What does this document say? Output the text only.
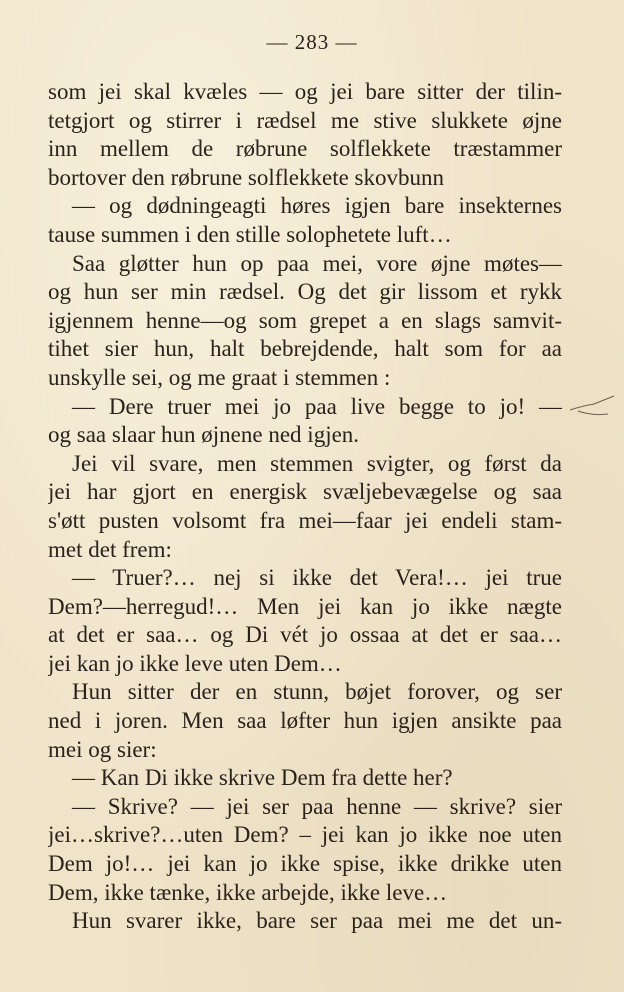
— 283 —
som jei skal kvæles — og jei bare sitter der tilin-
tetgjort og stirrer i rædsel me stive slukkete øjne
inn mellem de røbrune solflekkete træstammer
bortover den røbrune solflekkete skovbunn
— og dødningeagti høres igjen bare insekternes
tause summen i den stille solophetete luft…
Saa gløtter hun op paa mei, vore øjne møtes—
og hun ser min rædsel. Og det gir lissom et rykk
igjennem henne—og som grepet a en slags samvit-
tihet sier hun, halt bebrejdende, halt som for aa
unskylle sei, og me graat i stemmen :
— Dere truer mei jo paa live begge to jo! —
og saa slaar hun øjnene ned igjen.
Jei vil svare, men stemmen svigter, og først da
jei har gjort en energisk svæljebevægelse og saa
s'øtt pusten volsomt fra mei—faar jei endeli stam-
met det frem:
— Truer?… nej si ikke det Vera!… jei true
Dem?—herregud!… Men jei kan jo ikke nægte
at det er saa… og Di vét jo ossaa at det er saa…
jei kan jo ikke leve uten Dem…
Hun sitter der en stunn, bøjet forover, og ser
ned i joren. Men saa løfter hun igjen ansikte paa
mei og sier:
— Kan Di ikke skrive Dem fra dette her?
— Skrive? — jei ser paa henne — skrive? sier
jei…skrive?…uten Dem? – jei kan jo ikke noe uten
Dem jo!… jei kan jo ikke spise, ikke drikke uten
Dem, ikke tænke, ikke arbejde, ikke leve…
Hun svarer ikke, bare ser paa mei me det un-
